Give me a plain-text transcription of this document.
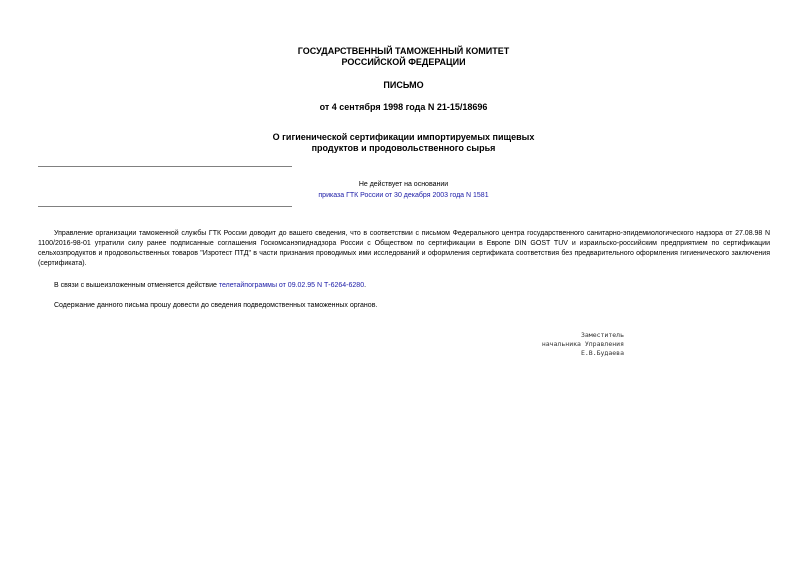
ГОСУДАРСТВЕННЫЙ ТАМОЖЕННЫЙ КОМИТЕТ
РОССИЙСКОЙ ФЕДЕРАЦИИ
ПИСЬМО
от 4 сентября 1998 года N 21-15/18696
О гигиенической сертификации импортируемых пищевых
продуктов и продовольственного сырья
Не действует на основании
приказа ГТК России от 30 декабря 2003 года N 1581
Управление организации таможенной службы ГТК России доводит до вашего сведения, что в соответствии с письмом Федерального центра государственного санитарно-эпидемиологического надзора от 27.08.98 N 1100/2016-98-01 утратили силу ранее подписанные соглашения Госкомсанэпиднадзора России с Обществом по сертификации в Европе DIN GOST TUV и израильско-российским предприятием по сертификации сельхозпродуктов и продовольственных товаров "Изротест ПТД" в части признания проводимых ими исследований и оформления сертификата соответствия без предварительного оформления гигиенического заключения (сертификата).
В связи с вышеизложенным отменяется действие телетайпограммы от 09.02.95 N Т-6264-6280.
Содержание данного письма прошу довести до сведения подведомственных таможенных органов.
Заместитель
начальника Управления
Е.В.Будаева
